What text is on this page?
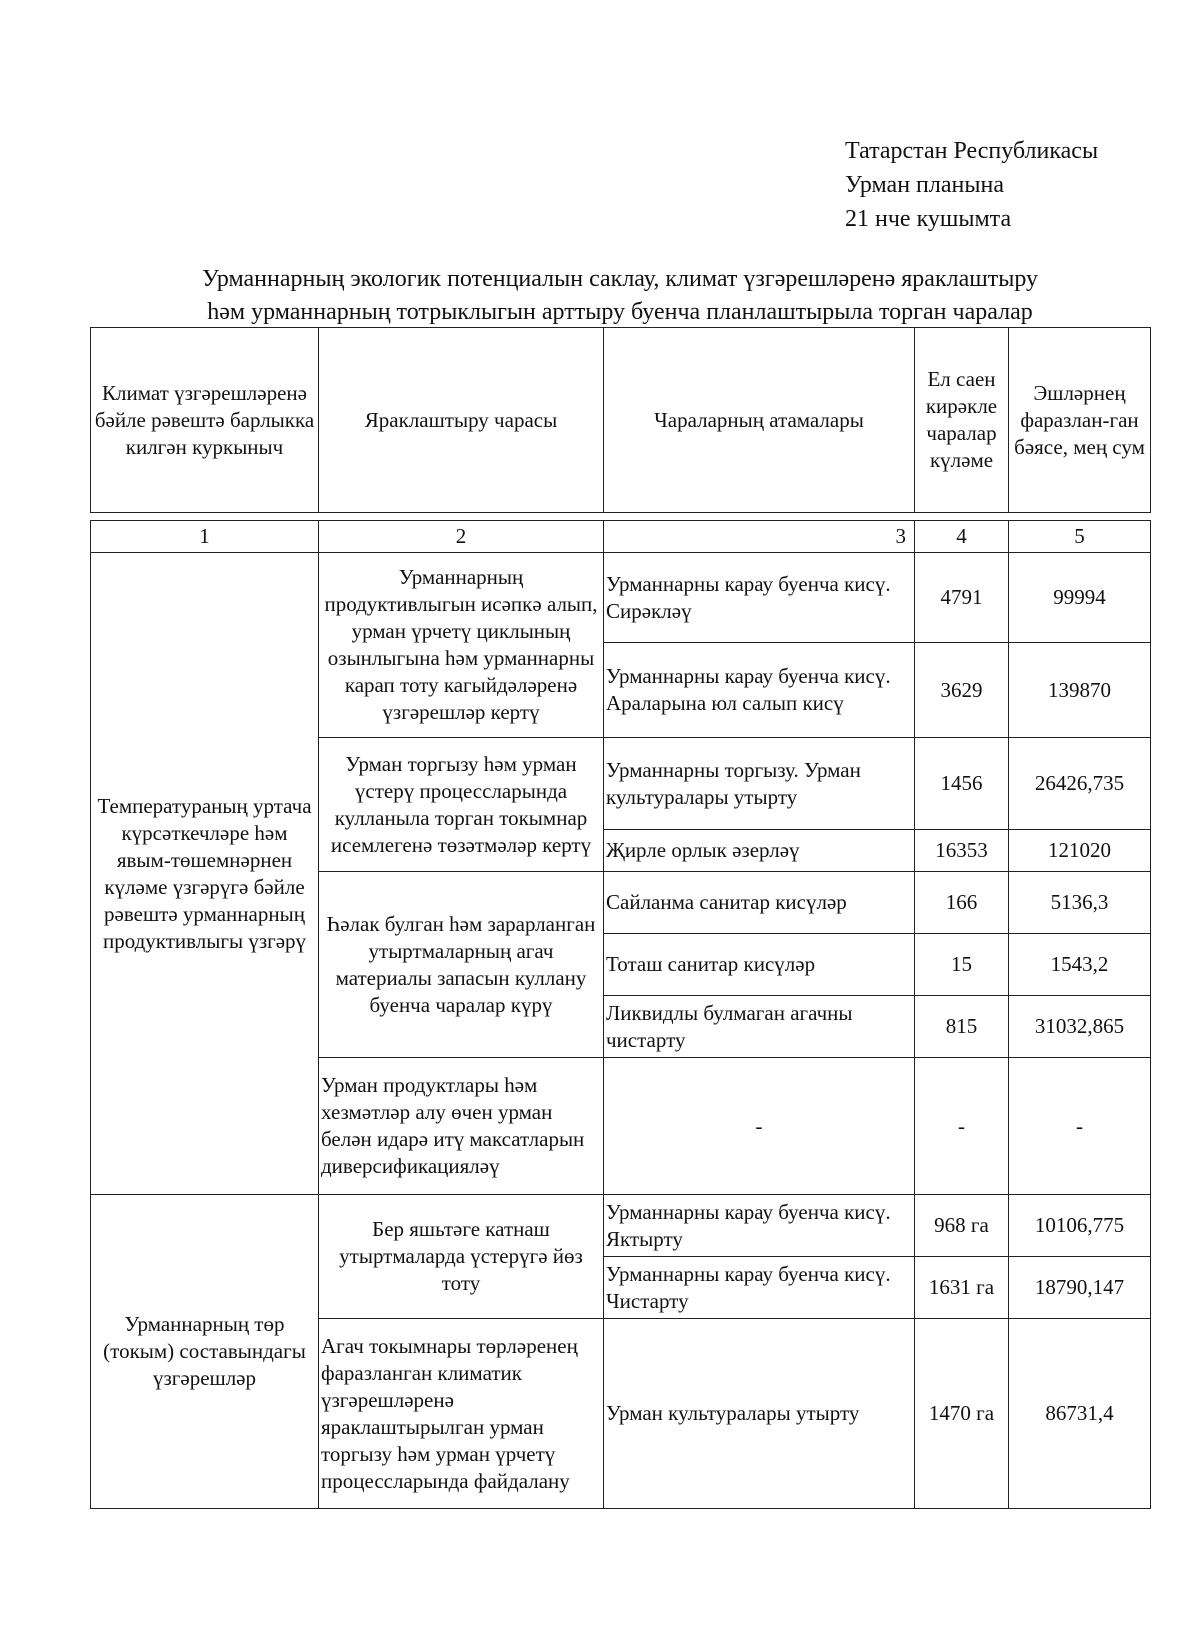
Татарстан Республикасы
Урман планына
21 нче кушымта
Урманнарның экологик потенциалын саклау, климат үзгәрешләренә яраклаштыру
һәм урманнарның тотрыклыгын арттыру буенча планлаштырыла торган чаралар
Климат үзгәрешләренә бәйле рәвештә барлыкка килгән куркыныч	Яраклаштыру чарасы	Чараларның атамалары	Ел саен кирәкле чаралар күләме	Эшләрнең фаразлан-ган бәясе, мең сум
1	2	3	4	5
Температураның уртача күрсәткечләре һәм явым-төшемнәрнен күләме үзгәрүгә бәйле рәвештә урманнарның продуктивлыгы үзгәрү	Урманнарның продуктивлыгын исәпкә алып, урман үрчетү циклының озынлыгына һәм урманнарны карап тоту кагыйдәләренә үзгәрешләр кертү	Урманнарны карау буенча кисү. Сирәкләү	4791	99994
		Урманнарны карау буенча кисү. Араларына юл салып кисү	3629	139870
	Урман торгызу һәм урман үстерү процессларында кулланыла торган токымнар исемлегенә төзәтмәләр кертү	Урманнарны торгызу. Урман культуралары утырту	1456	26426,735
		Җирле орлык әзерләү	16353	121020
	Һәлак булган һәм зарарланган утыртмаларның агач материалы запасын куллану буенча чаралар күрү	Сайланма санитар кисүләр	166	5136,3
		Тоташ санитар кисүләр	15	1543,2
		Ликвидлы булмаган агачны чистарту	815	31032,865
	Урман продуктлары һәм хезмәтләр алу өчен урман белән идарә итү максатларын диверсификацияләү	-	-	-
Урманнарның төр (токым) составындагы үзгәрешләр	Бер яшьтәге катнаш утыртмаларда үстерүгә йөз тоту	Урманнарны карау буенча кисү. Яктырту	968 га	10106,775
		Урманнарны карау буенча кисү. Чистарту	1631 га	18790,147
	Агач токымнары төрләренең фаразланган климатик үзгәрешләренә яраклаштырылган урман торгызу һәм урман үрчетү процессларында файдалану	Урман культуралары утырту	1470 га	86731,4
